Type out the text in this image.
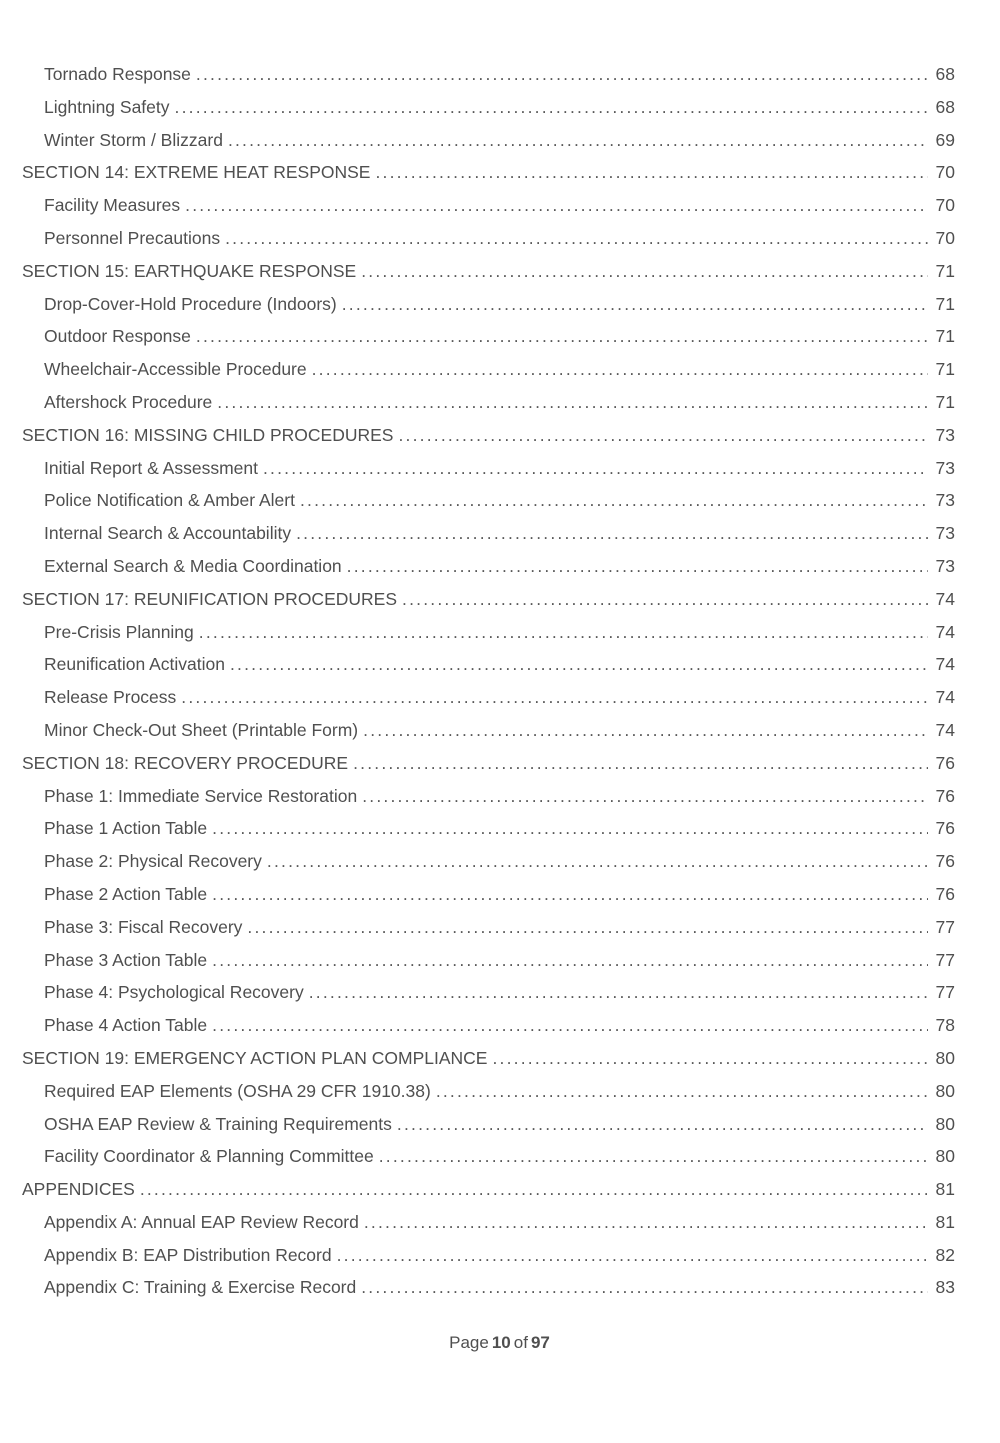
Tornado Response .....	68
Lightning Safety .....	68
Winter Storm / Blizzard .....	69
SECTION 14: EXTREME HEAT RESPONSE .....	70
Facility Measures .....	70
Personnel Precautions .....	70
SECTION 15: EARTHQUAKE RESPONSE .....	71
Drop-Cover-Hold Procedure (Indoors) .....	71
Outdoor Response .....	71
Wheelchair-Accessible Procedure .....	71
Aftershock Procedure .....	71
SECTION 16: MISSING CHILD PROCEDURES .....	73
Initial Report & Assessment .....	73
Police Notification & Amber Alert .....	73
Internal Search & Accountability .....	73
External Search & Media Coordination .....	73
SECTION 17: REUNIFICATION PROCEDURES .....	74
Pre-Crisis Planning .....	74
Reunification Activation .....	74
Release Process .....	74
Minor Check-Out Sheet (Printable Form) .....	74
SECTION 18: RECOVERY PROCEDURE .....	76
Phase 1: Immediate Service Restoration .....	76
Phase 1 Action Table .....	76
Phase 2: Physical Recovery .....	76
Phase 2 Action Table .....	76
Phase 3: Fiscal Recovery .....	77
Phase 3 Action Table .....	77
Phase 4: Psychological Recovery .....	77
Phase 4 Action Table .....	78
SECTION 19: EMERGENCY ACTION PLAN COMPLIANCE .....	80
Required EAP Elements (OSHA 29 CFR 1910.38) .....	80
OSHA EAP Review & Training Requirements .....	80
Facility Coordinator & Planning Committee .....	80
APPENDICES .....	81
Appendix A: Annual EAP Review Record .....	81
Appendix B: EAP Distribution Record .....	82
Appendix C: Training & Exercise Record .....	83
Page 10 of 97
